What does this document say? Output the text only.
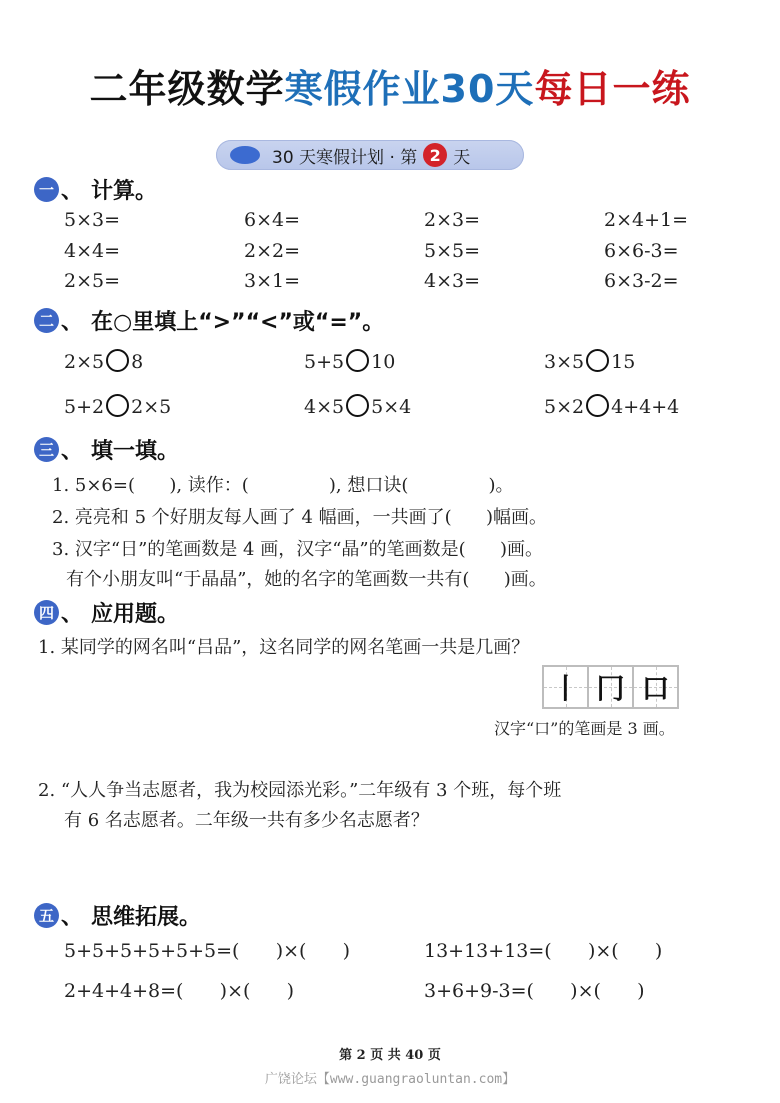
二年级数学寒假作业30天每日一练
30 天寒假计划 · 第 2 天
一 、 计算。
5×3=	6×4=	2×3=	2×4+1=
4×4=	2×2=	5×5=	6×6-3=
2×5=	3×1=	4×3=	6×3-2=
二 、 在○里填上“>”“<”或“=”。
2×5 8	5+5 10	3×5 15
5+2 2×5	4×5 5×4	5×2 4+4+4
三 、 填一填。
1. 5×6=(      ), 读作：(              ), 想口诀(              )。
2. 亮亮和 5 个好朋友每人画了 4 幅画，一共画了(      )幅画。
3. 汉字“日”的笔画数是 4 画，汉字“晶”的笔画数是(      )画。
有个小朋友叫“于晶晶”，她的名字的笔画数一共有(      )画。
四 、 应用题。
1. 某同学的网名叫“吕品”，这名同学的网名笔画一共是几画？
丨 冂 口
汉字“口”的笔画是 3 画。
2. “人人争当志愿者，我为校园添光彩。”二年级有 3 个班，每个班
有 6 名志愿者。二年级一共有多少名志愿者？
五 、 思维拓展。
5+5+5+5+5+5=(      )×(      )	13+13+13=(      )×(      )
2+4+4+8=(      )×(      )	3+6+9-3=(      )×(      )
第 2 页 共 40 页
广饶论坛【www.guangraoluntan.com】
